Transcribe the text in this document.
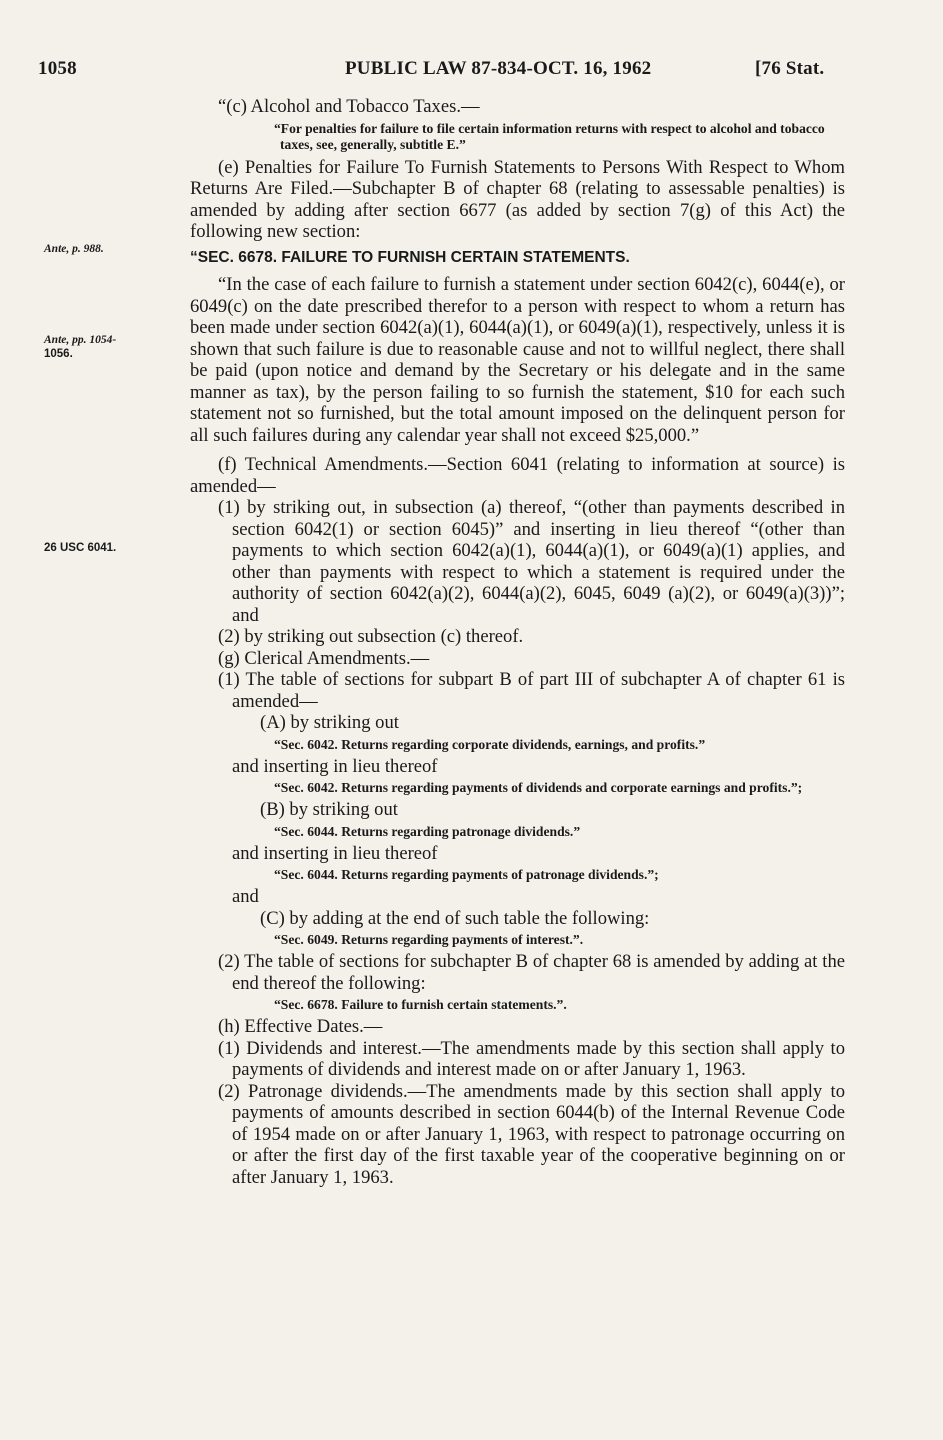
1058	PUBLIC LAW 87-834-OCT. 16, 1962	[76 Stat.
Ante, p. 988.
Ante, pp. 1054-
1056.
26 USC 6041.

“(c) Alcohol and Tobacco Taxes.—

“For penalties for failure to file certain information returns with respect to alcohol and tobacco taxes, see, generally, subtitle E.”

(e) Penalties for Failure To Furnish Statements to Persons With Respect to Whom Returns Are Filed.—Subchapter B of chapter 68 (relating to assessable penalties) is amended by adding after section 6677 (as added by section 7(g) of this Act) the following new section:

“SEC. 6678. FAILURE TO FURNISH CERTAIN STATEMENTS.

“In the case of each failure to furnish a statement under section 6042(c), 6044(e), or 6049(c) on the date prescribed therefor to a person with respect to whom a return has been made under section 6042(a)(1), 6044(a)(1), or 6049(a)(1), respectively, unless it is shown that such failure is due to reasonable cause and not to willful neglect, there shall be paid (upon notice and demand by the Secretary or his delegate and in the same manner as tax), by the person failing to so furnish the statement, $10 for each such statement not so furnished, but the total amount imposed on the delinquent person for all such failures during any calendar year shall not exceed $25,000.”

(f) Technical Amendments.—Section 6041 (relating to information at source) is amended—

(1) by striking out, in subsection (a) thereof, “(other than payments described in section 6042(1) or section 6045)” and inserting in lieu thereof “(other than payments to which section 6042(a)(1), 6044(a)(1), or 6049(a)(1) applies, and other than payments with respect to which a statement is required under the authority of section 6042(a)(2), 6044(a)(2), 6045, 6049 (a)(2), or 6049(a)(3))”; and

(2) by striking out subsection (c) thereof.

(g) Clerical Amendments.—

(1) The table of sections for subpart B of part III of subchapter A of chapter 61 is amended—

(A) by striking out

“Sec. 6042. Returns regarding corporate dividends, earnings, and profits.”

and inserting in lieu thereof

“Sec. 6042. Returns regarding payments of dividends and corporate earnings and profits.”;

(B) by striking out

“Sec. 6044. Returns regarding patronage dividends.”

and inserting in lieu thereof

“Sec. 6044. Returns regarding payments of patronage dividends.”;

and

(C) by adding at the end of such table the following:

“Sec. 6049. Returns regarding payments of interest.”.

(2) The table of sections for subchapter B of chapter 68 is amended by adding at the end thereof the following:

“Sec. 6678. Failure to furnish certain statements.”.

(h) Effective Dates.—

(1) Dividends and interest.—The amendments made by this section shall apply to payments of dividends and interest made on or after January 1, 1963.

(2) Patronage dividends.—The amendments made by this section shall apply to payments of amounts described in section 6044(b) of the Internal Revenue Code of 1954 made on or after January 1, 1963, with respect to patronage occurring on or after the first day of the first taxable year of the cooperative beginning on or after January 1, 1963.
